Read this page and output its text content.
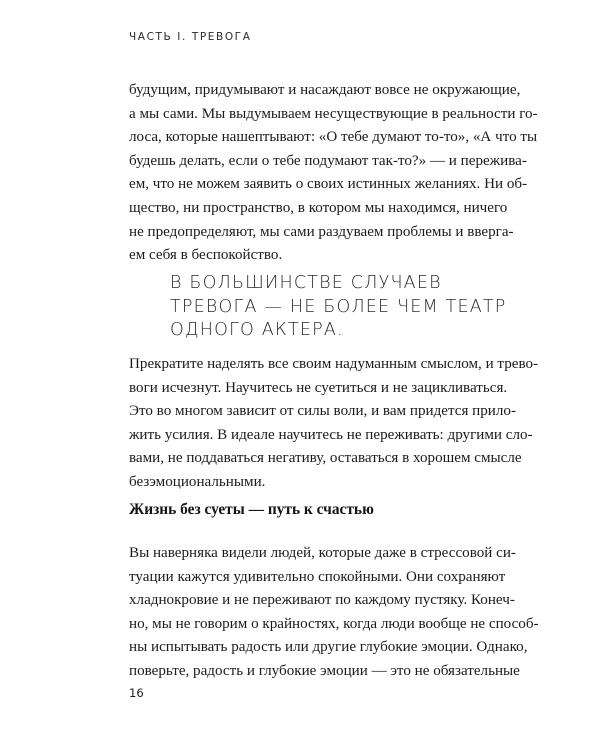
ЧАСТЬ I. ТРЕВОГА
будущим, придумывают и насаждают вовсе не окружающие,
а мы сами. Мы выдумываем несуществующие в реальности го-
лоса, которые нашептывают: «О тебе думают то-то», «А что ты
будешь делать, если о тебе подумают так-то?» — и пережива-
ем, что не можем заявить о своих истинных желаниях. Ни об-
щество, ни пространство, в котором мы находимся, ничего
не предопределяют, мы сами раздуваем проблемы и вверга-
ем себя в беспокойство.
В БОЛЬШИНСТВЕ СЛУЧАЕВ
ТРЕВОГА — НЕ БОЛЕЕ ЧЕМ ТЕАТР
ОДНОГО АКТЕРА.
Прекратите наделять все своим надуманным смыслом, и трево-
воги исчезнут. Научитесь не суетиться и не зацикливаться.
Это во многом зависит от силы воли, и вам придется прило-
жить усилия. В идеале научитесь не переживать: другими сло-
вами, не поддаваться негативу, оставаться в хорошем смысле
безэмоциональными.
Жизнь без суеты — путь к счастью
Вы наверняка видели людей, которые даже в стрессовой си-
туации кажутся удивительно спокойными. Они сохраняют
хладнокровие и не переживают по каждому пустяку. Конеч-
но, мы не говорим о крайностях, когда люди вообще не способ-
ны испытывать радость или другие глубокие эмоции. Однако,
поверьте, радость и глубокие эмоции — это не обязательные
16
